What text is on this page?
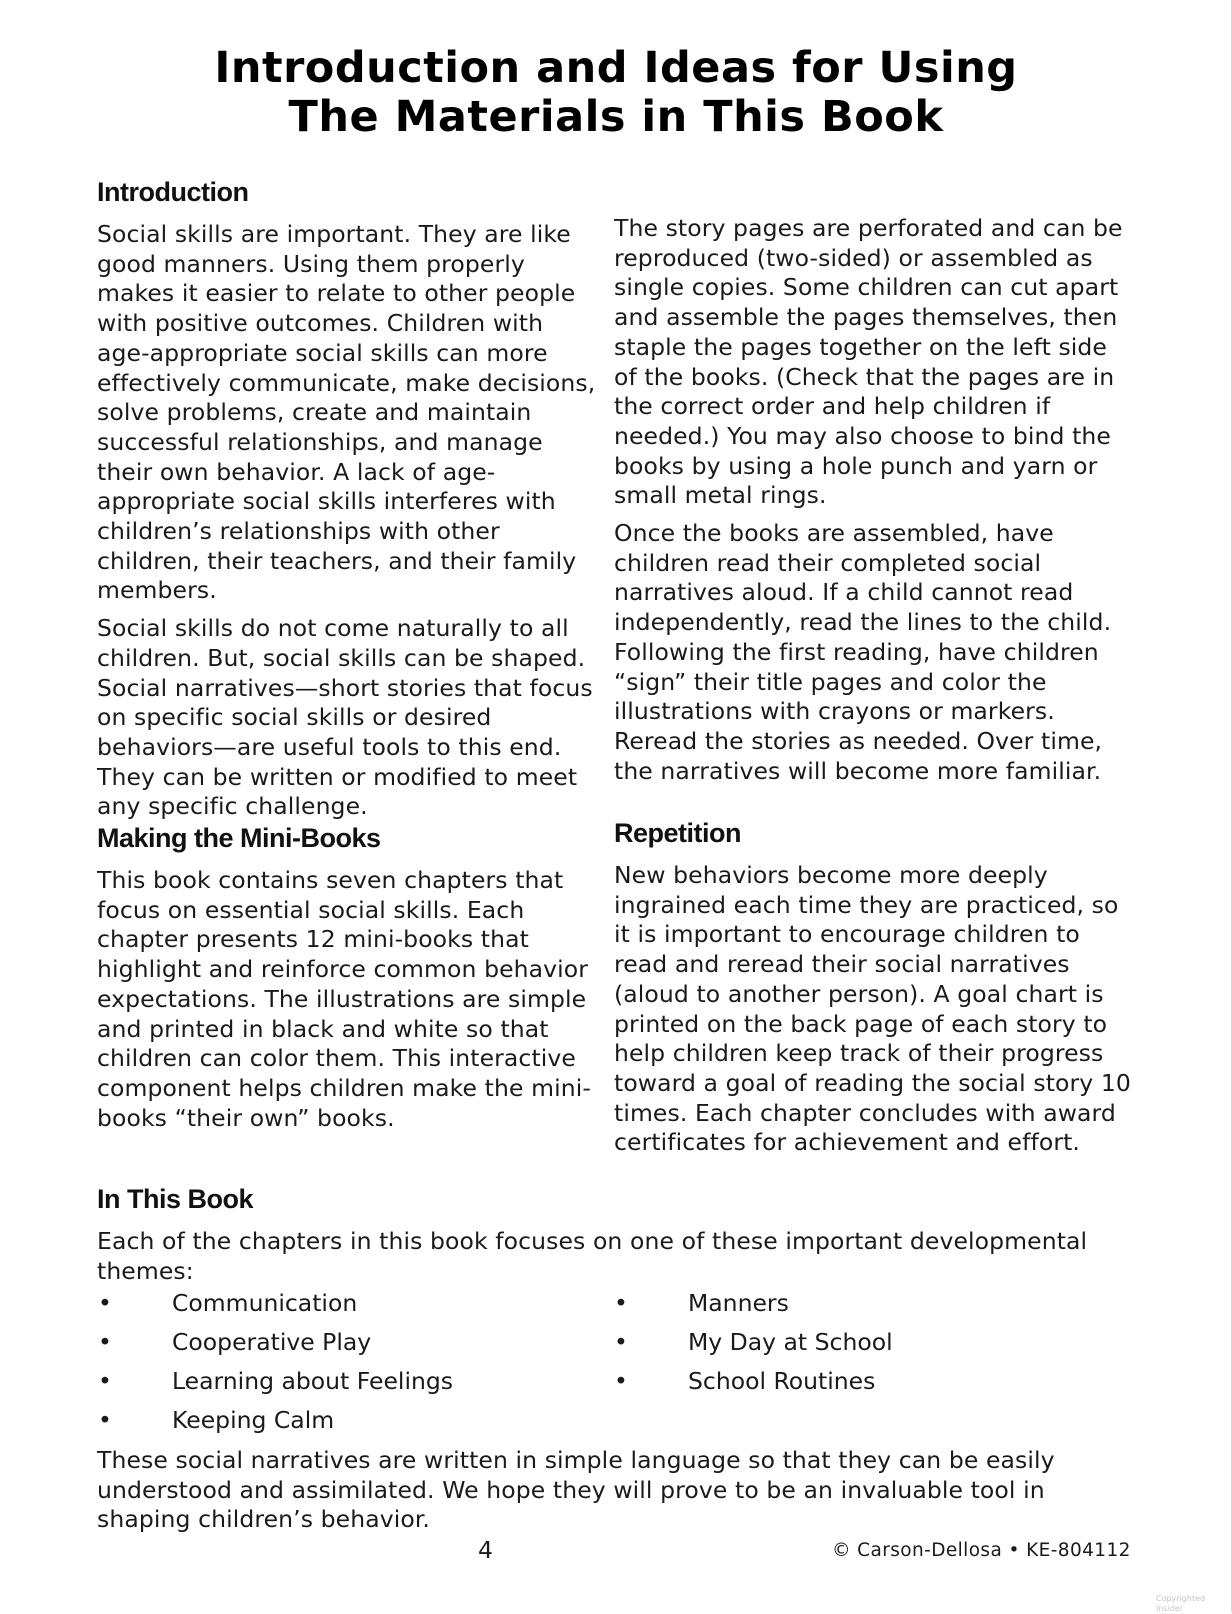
Introduction and Ideas for Using
The Materials in This Book
Introduction

Social skills are important. They are like good manners. Using them properly makes it easier to relate to other people with positive outcomes. Children with age-appropriate social skills can more effectively communicate, make decisions, solve problems, create and maintain successful relationships, and manage their own behavior. A lack of age-appropriate social skills interferes with children’s relationships with other children, their teachers, and their family members.

Social skills do not come naturally to all children. But, social skills can be shaped. Social narratives—short stories that focus on specific social skills or desired behaviors—are useful tools to this end. They can be written or modified to meet any specific challenge.

Making the Mini-Books

This book contains seven chapters that focus on essential social skills. Each chapter presents 12 mini-books that highlight and reinforce common behavior expectations. The illustrations are simple and printed in black and white so that children can color them. This interactive component helps children make the mini-books “their own” books.

The story pages are perforated and can be reproduced (two-sided) or assembled as single copies. Some children can cut apart and assemble the pages themselves, then staple the pages together on the left side of the books. (Check that the pages are in the correct order and help children if needed.) You may also choose to bind the books by using a hole punch and yarn or small metal rings.

Once the books are assembled, have children read their completed social narratives aloud. If a child cannot read independently, read the lines to the child. Following the first reading, have children “sign” their title pages and color the illustrations with crayons or markers. Reread the stories as needed. Over time, the narratives will become more familiar.

Repetition

New behaviors become more deeply ingrained each time they are practiced, so it is important to encourage children to read and reread their social narratives (aloud to another person). A goal chart is printed on the back page of each story to help children keep track of their progress toward a goal of reading the social story 10 times. Each chapter concludes with award certificates for achievement and effort.

In This Book

Each of the chapters in this book focuses on one of these important developmental themes:

•	Communication
•	Cooperative Play
•	Learning about Feelings
•	Keeping Calm
•	Manners
•	My Day at School
•	School Routines

These social narratives are written in simple language so that they can be easily understood and assimilated. We hope they will prove to be an invaluable tool in shaping children’s behavior.

4	© Carson-Dellosa • KE-804112
Copyrighted Insider
